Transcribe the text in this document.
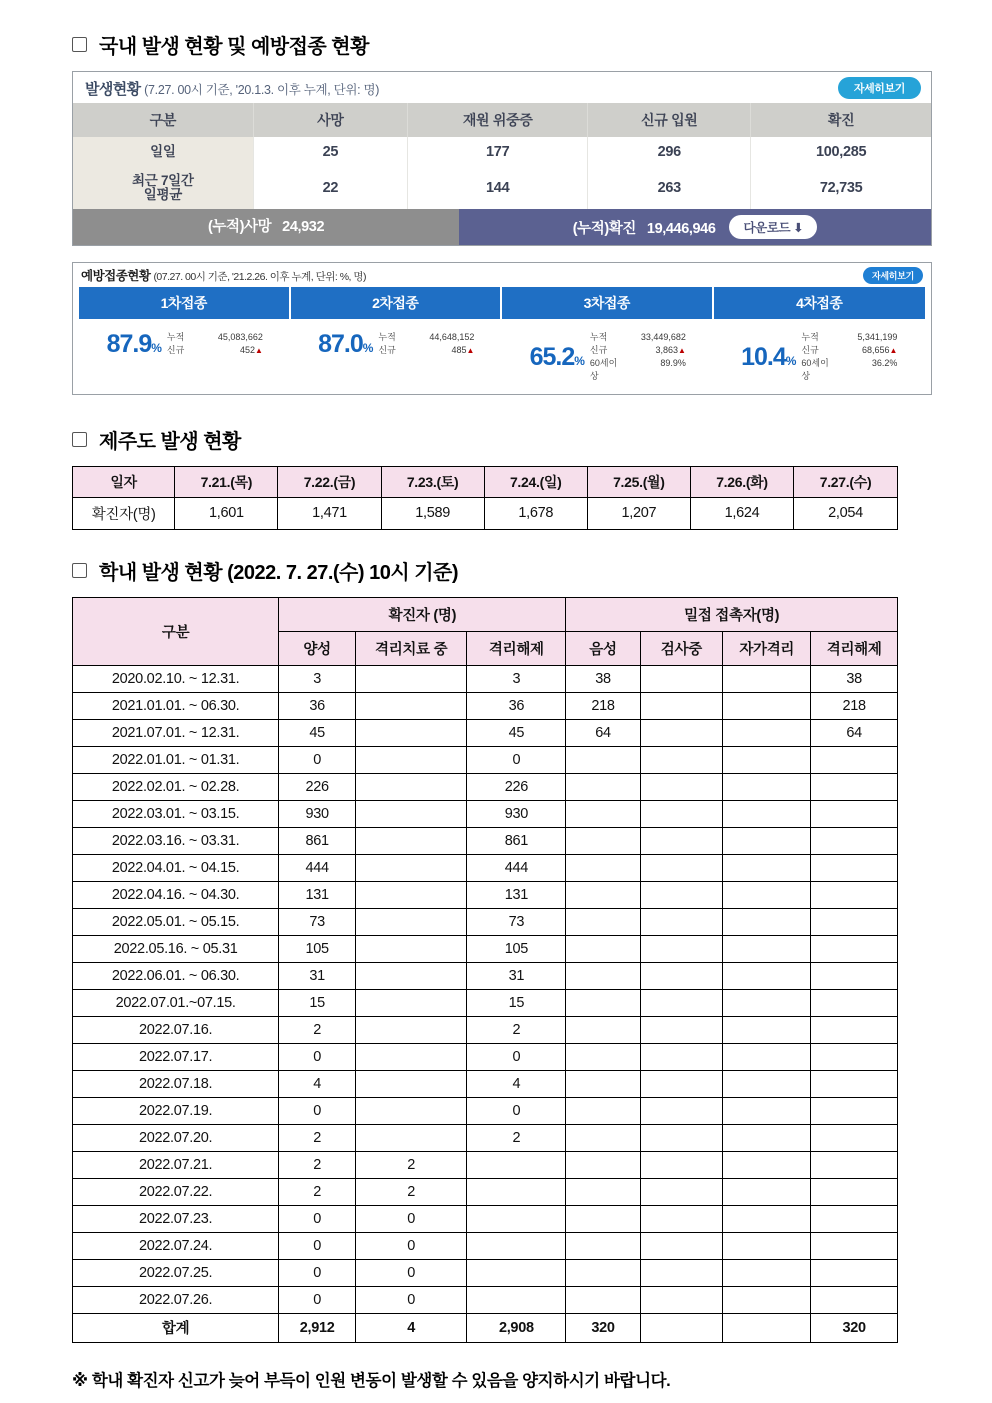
국내 발생 현황 및 예방접종 현황
발생현황 (7.27. 00시 기준, '20.1.3. 이후 누계, 단위: 명)	자세히보기
구분	사망	재원 위중증	신규 입원	확진
일일	25	177	296	100,285

최근 7일간
일평균	22	144	263	72,735
(누적)사망 24,932	(누적)확진 19,446,946	다운로드 ⬇
예방접종현황 (07.27. 00시 기준, '21.2.26. 이후 누계, 단위: %, 명)	자세히보기
1차접종
87.9%
누적	45,083,662
신규	452▲
2차접종
87.0%
누적	44,648,152
신규	485▲
3차접종
65.2%
누적	33,449,682
신규	3,863▲
60세이상
89.9%
4차접종
10.4%
누적	5,341,199
신규	68,656▲
60세이상
36.2%
제주도 발생 현황
일자	7.21.(목)	7.22.(금)	7.23.(토)	7.24.(일)	7.25.(월)	7.26.(화)	7.27.(수)
확진자(명)	1,601	1,471	1,589	1,678	1,207	1,624	2,054
학내 발생 현황 (2022. 7. 27.(수) 10시 기준)
구분	확진자 (명)			밀접 접촉자(명)			
	양성	격리치료 중	격리해제	음성	검사중	자가격리	격리해제
2020.02.10. ~ 12.31.	3		3	38			38
2021.01.01. ~ 06.30.	36		36	218			218
2021.07.01. ~ 12.31.	45		45	64			64
2022.01.01. ~ 01.31.	0		0				
2022.02.01. ~ 02.28.	226		226				
2022.03.01. ~ 03.15.	930		930				
2022.03.16. ~ 03.31.	861		861				
2022.04.01. ~ 04.15.	444		444				
2022.04.16. ~ 04.30.	131		131				
2022.05.01. ~ 05.15.	73		73				
2022.05.16. ~ 05.31	105		105				
2022.06.01. ~ 06.30.	31		31				
2022.07.01.~07.15.	15		15				
2022.07.16.	2		2				
2022.07.17.	0		0				
2022.07.18.	4		4				
2022.07.19.	0		0				
2022.07.20.	2		2				
2022.07.21.	2	2					
2022.07.22.	2	2					
2022.07.23.	0	0					
2022.07.24.	0	0					
2022.07.25.	0	0					
2022.07.26.	0	0					
합계	2,912	4	2,908	320			320
※ 학내 확진자 신고가 늦어 부득이 인원 변동이 발생할 수 있음을 양지하시기 바랍니다.
